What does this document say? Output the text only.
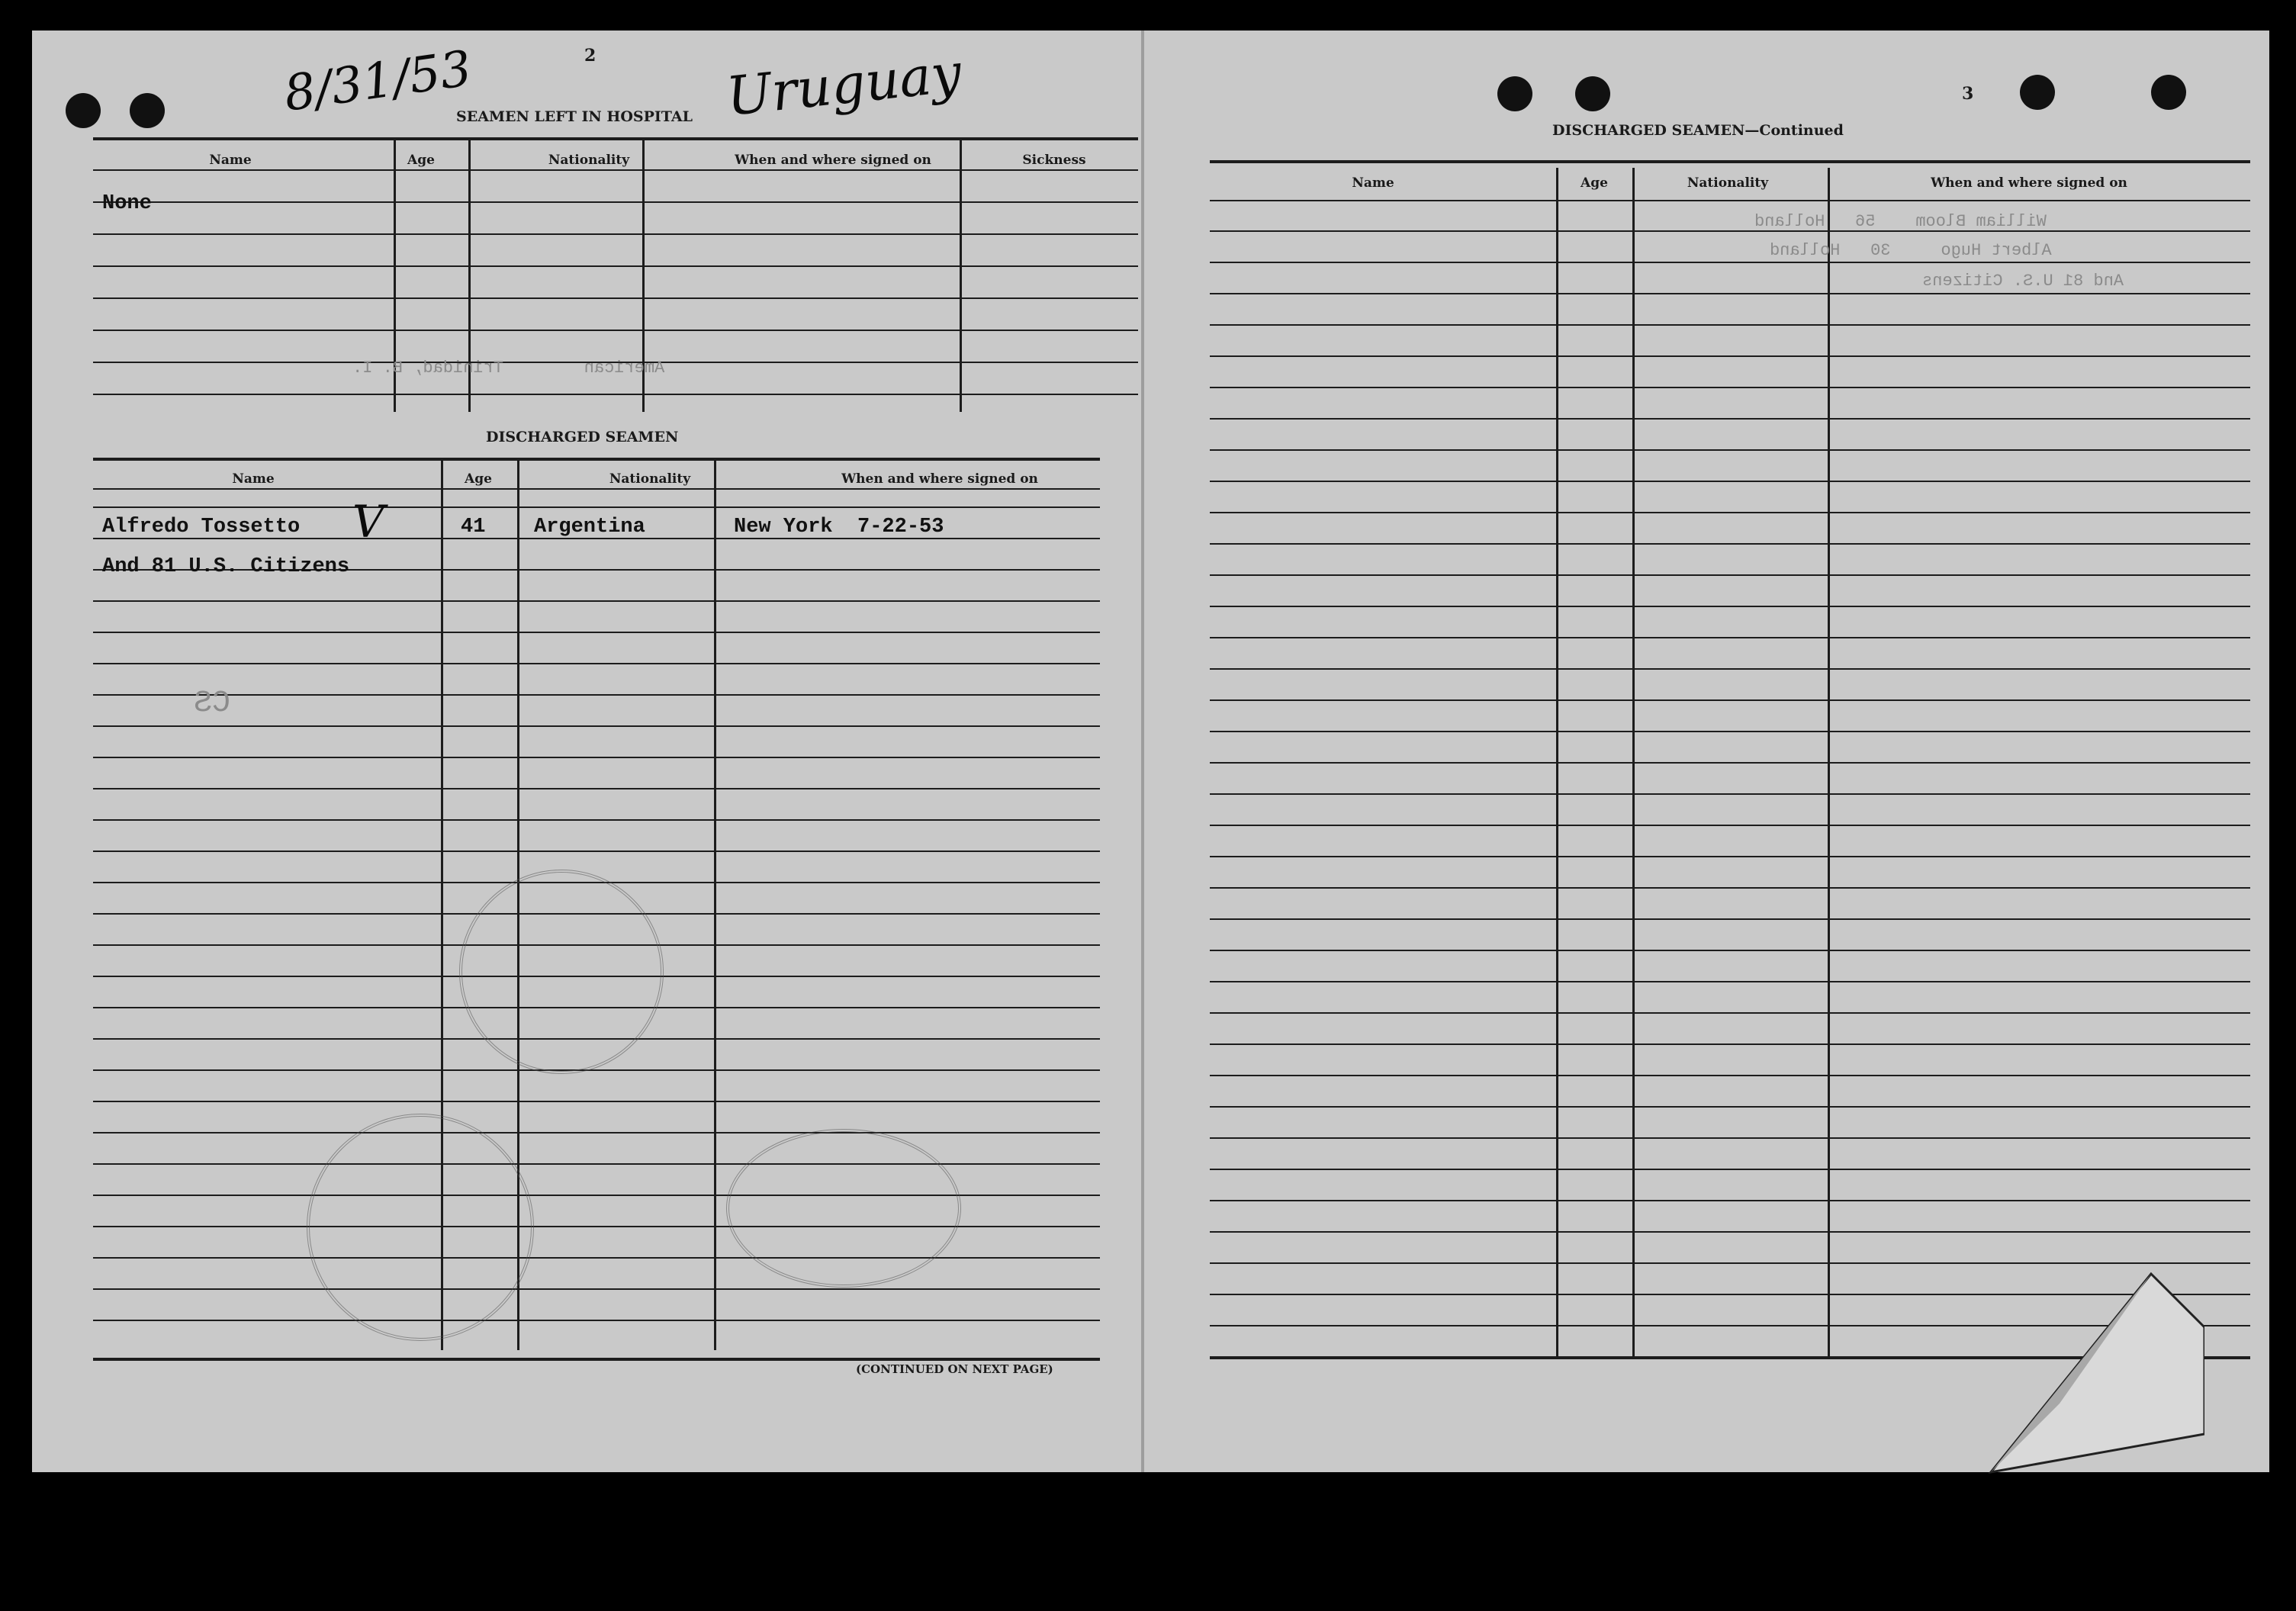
2
8/31/53	Uruguay
SEAMEN LEFT IN HOSPITAL
Name	Age	Nationality	When and where signed on	Sickness
None
DISCHARGED SEAMEN
Name	Age	Nationality	When and where signed on
Alfredo Tossetto V	41 Argentina	New York  7-22-53
And 81 U.S. Citizens
CS
American        Trinidad, B. I.
(CONTINUED ON NEXT PAGE)
3
DISCHARGED SEAMEN—Continued
Name	Age	Nationality	When and where signed on
William Bloom    56   Holland
Albert Hugo     30   Holland
And 81 U.S. Citizens
